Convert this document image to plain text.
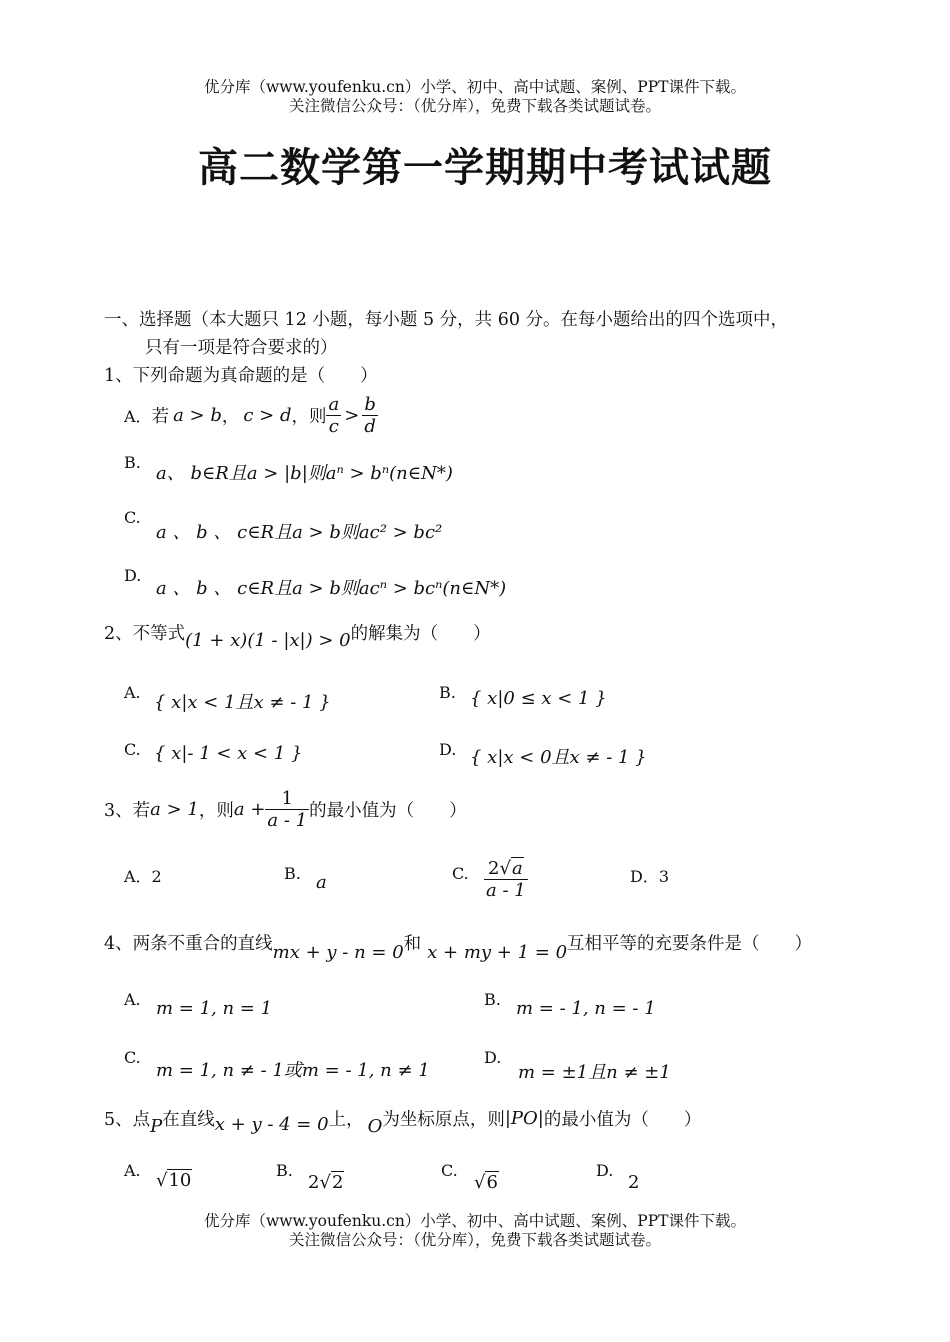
优分库（www.youfenku.cn）小学、初中、高中试题、案例、PPT课件下载。
关注微信公众号：（优分库），免费下载各类试题试卷。
高二数学第一学期期中考试试题
一、选择题（本大题只 12 小题，每小题 5 分，共 60 分。在每小题给出的四个选项中，
只有一项是符合要求的）
1、下列命题为真命题的是（　　）
A． 若 a > b ， c > d ，则 $\frac{a}{c} > \frac{b}{d}$
B.
a、 b∈R且a > |b|则aⁿ > bⁿ(n∈N*)
C.
a 、 b 、 c∈R且a > b则ac² > bc²
D.
a 、 b 、 c∈R且a > b则acⁿ > bcⁿ(n∈N*)
2、不等式 (1 + x)(1 - |x|) > 0 的解集为（　　）
A. { x|x < 1且x ≠ - 1 }	B. { x|0 ≤ x < 1 }
C. { x|- 1 < x < 1 }	D. { x|x < 0且x ≠ - 1 }
3、若 a > 1 ，则 $a + \frac{1}{a - 1}$ 的最小值为（　　）
A．2	B. a	C. $\frac{2√a}{a - 1}$	D．3
4、两条不重合的直线 mx + y - n = 0 和 x + my + 1 = 0 互相平等的充要条件是（　　）
A. m = 1, n = 1	B. m = - 1, n = - 1
C.
m = 1, n ≠ - 1或m = - 1, n ≠ 1
D.
m = ±1且n ≠ ±1
5、点 P 在直线 x + y - 4 = 0 上， O 为坐标原点，则 |PO| 的最小值为（　　）
A. √10	B.
2√2
C.
√6
D.
2
优分库（www.youfenku.cn）小学、初中、高中试题、案例、PPT课件下载。
关注微信公众号：（优分库），免费下载各类试题试卷。
